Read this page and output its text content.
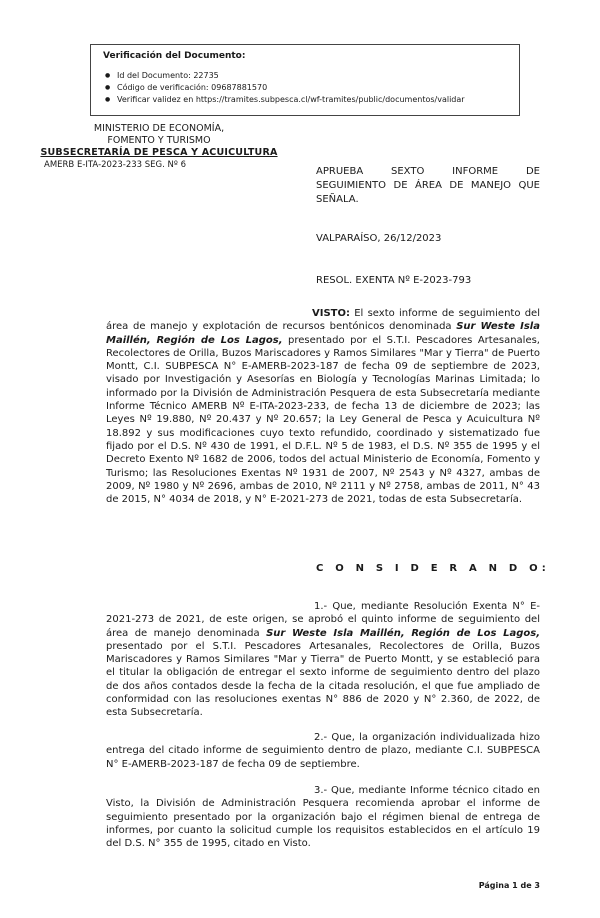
Verificación del Documento:

● Id del Documento: 22735
● Código de verificación: 09687881570
● Verificar validez en https://tramites.subpesca.cl/wf-tramites/public/documentos/validar
MINISTERIO DE ECONOMÍA,
FOMENTO Y TURISMO
SUBSECRETARÍA DE PESCA Y ACUICULTURA
AMERB E-ITA-2023-233 SEG. Nº 6
APRUEBA SEXTO INFORME DE
SEGUIMIENTO DE ÁREA DE MANEJO QUE
SEÑALA.
VALPARAÍSO, 26/12/2023
RESOL. EXENTA Nº E-2023-793

VISTO: El sexto informe de seguimiento del área de manejo y explotación de recursos bentónicos denominada Sur Weste Isla Maillén, Región de Los Lagos, presentado por el S.T.I. Pescadores Artesanales, Recolectores de Orilla, Buzos Mariscadores y Ramos Similares "Mar y Tierra" de Puerto Montt, C.I. SUBPESCA N° E-AMERB-2023-187 de fecha 09 de septiembre de 2023, visado por Investigación y Asesorías en Biología y Tecnologías Marinas Limitada; lo informado por la División de Administración Pesquera de esta Subsecretaría mediante Informe Técnico AMERB Nº E-ITA-2023-233, de fecha 13 de diciembre de 2023; las Leyes Nº 19.880, Nº 20.437 y Nº 20.657; la Ley General de Pesca y Acuicultura Nº 18.892 y sus modificaciones cuyo texto refundido, coordinado y sistematizado fue fijado por el D.S. Nº 430 de 1991, el D.F.L. Nº 5 de 1983, el D.S. Nº 355 de 1995 y el Decreto Exento Nº 1682 de 2006, todos del actual Ministerio de Economía, Fomento y Turismo; las Resoluciones Exentas Nº 1931 de 2007, Nº 2543 y Nº 4327, ambas de 2009, Nº 1980 y Nº 2696, ambas de 2010, Nº 2111 y Nº 2758, ambas de 2011, N° 43 de 2015, N° 4034 de 2018, y N° E-2021-273 de 2021, todas de esta Subsecretaría.

C O N S I D E R A N D O:

1.- Que, mediante Resolución Exenta N° E-2021-273 de 2021, de este origen, se aprobó el quinto informe de seguimiento del área de manejo denominada Sur Weste Isla Maillén, Región de Los Lagos, presentado por el S.T.I. Pescadores Artesanales, Recolectores de Orilla, Buzos Mariscadores y Ramos Similares "Mar y Tierra" de Puerto Montt, y se estableció para el titular la obligación de entregar el sexto informe de seguimiento dentro del plazo de dos años contados desde la fecha de la citada resolución, el que fue ampliado de conformidad con las resoluciones exentas N° 886 de 2020 y N° 2.360, de 2022, de esta Subsecretaría.

2.- Que, la organización individualizada hizo entrega del citado informe de seguimiento dentro de plazo, mediante C.I. SUBPESCA N° E-AMERB-2023-187 de fecha 09 de septiembre.

3.- Que, mediante Informe técnico citado en Visto, la División de Administración Pesquera recomienda aprobar el informe de seguimiento presentado por la organización bajo el régimen bienal de entrega de informes, por cuanto la solicitud cumple los requisitos establecidos en el artículo 19 del D.S. N° 355 de 1995, citado en Visto.

Página 1 de 3
